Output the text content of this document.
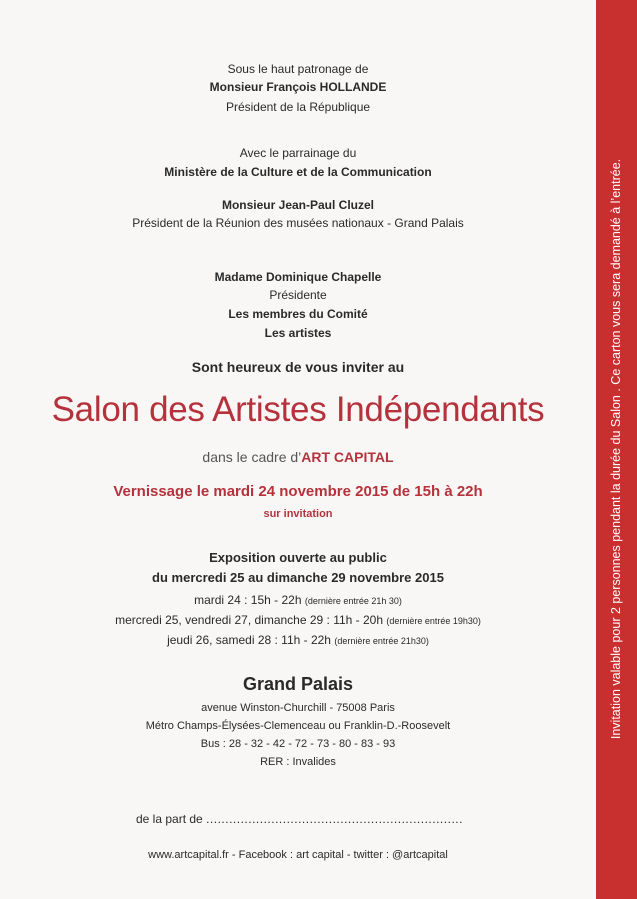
Sous le haut patronage de
Monsieur François HOLLANDE
Président de la République
Avec le parrainage du
Ministère de la Culture et de la Communication
Monsieur Jean-Paul Cluzel
Président de la Réunion des musées nationaux - Grand Palais
Madame Dominique Chapelle
Présidente
Les membres du Comité
Les artistes
Sont heureux de vous inviter au
Salon des Artistes Indépendants
dans le cadre d’ART CAPITAL
Vernissage le mardi 24 novembre 2015 de 15h à 22h
sur invitation
Exposition ouverte au public
du mercredi 25 au dimanche 29 novembre 2015
mardi 24 : 15h - 22h (dernière entrée 21h 30)
mercredi 25, vendredi 27, dimanche 29 : 11h - 20h (dernière entrée 19h30)
jeudi 26, samedi 28 : 11h - 22h (dernière entrée 21h30)
Grand Palais
avenue Winston-Churchill - 75008 Paris
Métro Champs-Élysées-Clemenceau ou Franklin-D.-Roosevelt
Bus : 28 - 32 - 42 - 72 - 73 - 80 - 83 - 93
RER : Invalides
de la part de ...................................................................
www.artcapital.fr - Facebook : art capital - twitter : @artcapital
Invitation valable pour 2 personnes pendant la durée du Salon . Ce carton vous sera demandé à l’entrée.
